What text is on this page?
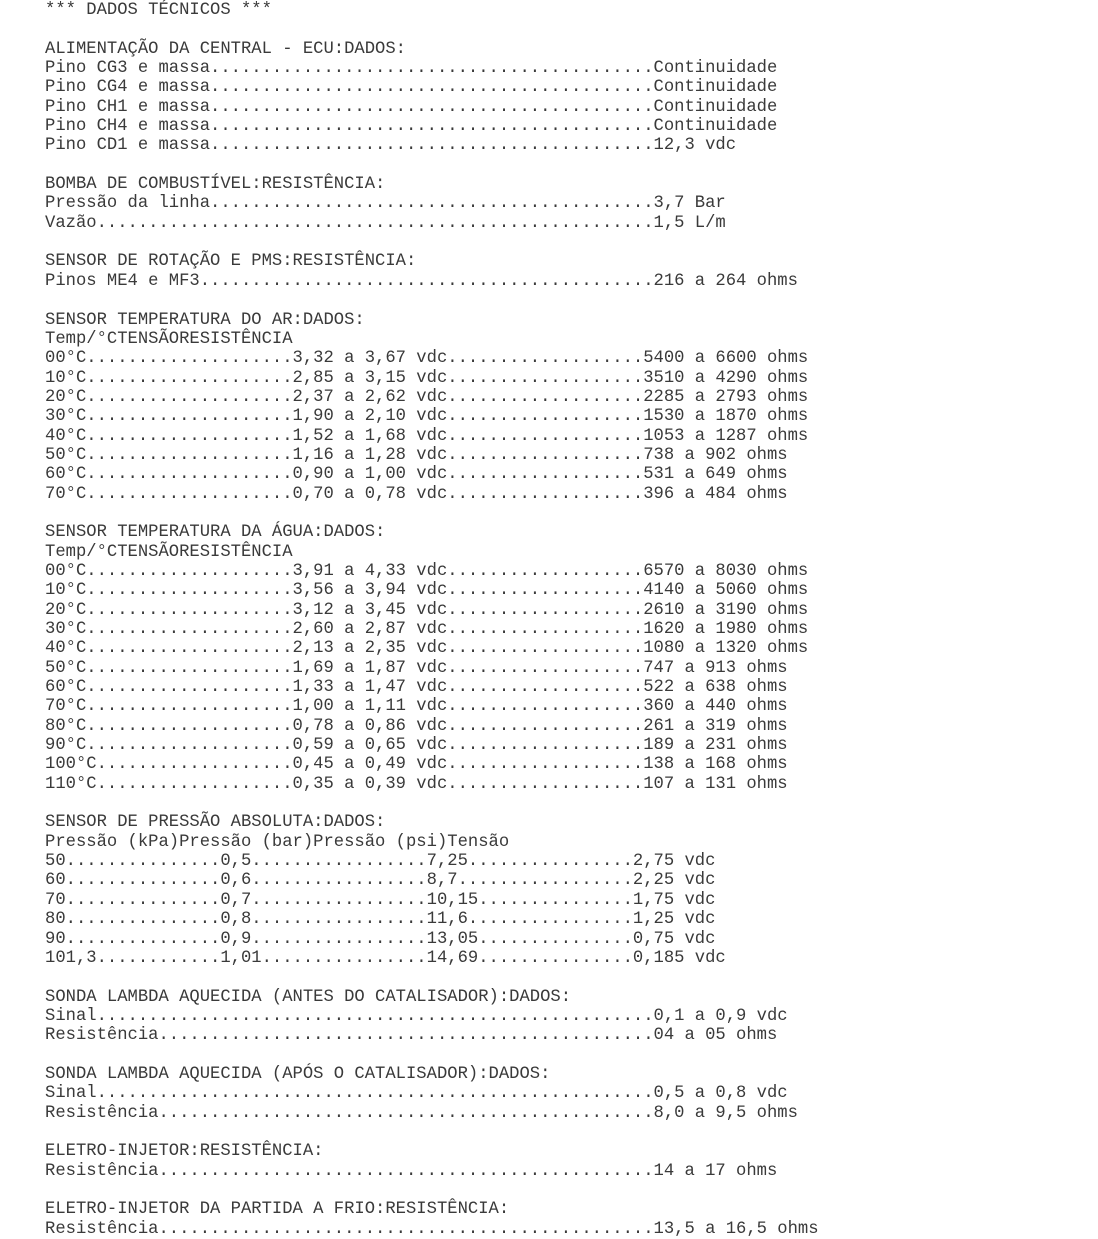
*** DADOS TÉCNICOS ***

ALIMENTAÇÃO DA CENTRAL - ECU:DADOS:
Pino CG3 e massa...........................................Continuidade
Pino CG4 e massa...........................................Continuidade
Pino CH1 e massa...........................................Continuidade
Pino CH4 e massa...........................................Continuidade
Pino CD1 e massa...........................................12,3 vdc

BOMBA DE COMBUSTÍVEL:RESISTÊNCIA:
Pressão da linha...........................................3,7 Bar
Vazão......................................................1,5 L/m

SENSOR DE ROTAÇÃO E PMS:RESISTÊNCIA:
Pinos ME4 e MF3............................................216 a 264 ohms

SENSOR TEMPERATURA DO AR:DADOS:
Temp/°CTENSÃORESISTÊNCIA
00°C....................3,32 a 3,67 vdc...................5400 a 6600 ohms
10°C....................2,85 a 3,15 vdc...................3510 a 4290 ohms
20°C....................2,37 a 2,62 vdc...................2285 a 2793 ohms
30°C....................1,90 a 2,10 vdc...................1530 a 1870 ohms
40°C....................1,52 a 1,68 vdc...................1053 a 1287 ohms
50°C....................1,16 a 1,28 vdc...................738 a 902 ohms
60°C....................0,90 a 1,00 vdc...................531 a 649 ohms
70°C....................0,70 a 0,78 vdc...................396 a 484 ohms

SENSOR TEMPERATURA DA ÁGUA:DADOS:
Temp/°CTENSÃORESISTÊNCIA
00°C....................3,91 a 4,33 vdc...................6570 a 8030 ohms
10°C....................3,56 a 3,94 vdc...................4140 a 5060 ohms
20°C....................3,12 a 3,45 vdc...................2610 a 3190 ohms
30°C....................2,60 a 2,87 vdc...................1620 a 1980 ohms
40°C....................2,13 a 2,35 vdc...................1080 a 1320 ohms
50°C....................1,69 a 1,87 vdc...................747 a 913 ohms
60°C....................1,33 a 1,47 vdc...................522 a 638 ohms
70°C....................1,00 a 1,11 vdc...................360 a 440 ohms
80°C....................0,78 a 0,86 vdc...................261 a 319 ohms
90°C....................0,59 a 0,65 vdc...................189 a 231 ohms
100°C...................0,45 a 0,49 vdc...................138 a 168 ohms
110°C...................0,35 a 0,39 vdc...................107 a 131 ohms

SENSOR DE PRESSÃO ABSOLUTA:DADOS:
Pressão (kPa)Pressão (bar)Pressão (psi)Tensão
50...............0,5.................7,25................2,75 vdc
60...............0,6.................8,7.................2,25 vdc
70...............0,7.................10,15...............1,75 vdc
80...............0,8.................11,6................1,25 vdc
90...............0,9.................13,05...............0,75 vdc
101,3............1,01................14,69...............0,185 vdc

SONDA LAMBDA AQUECIDA (ANTES DO CATALISADOR):DADOS:
Sinal......................................................0,1 a 0,9 vdc
Resistência................................................04 a 05 ohms

SONDA LAMBDA AQUECIDA (APÓS O CATALISADOR):DADOS:
Sinal......................................................0,5 a 0,8 vdc
Resistência................................................8,0 a 9,5 ohms

ELETRO-INJETOR:RESISTÊNCIA:
Resistência................................................14 a 17 ohms

ELETRO-INJETOR DA PARTIDA A FRIO:RESISTÊNCIA:
Resistência................................................13,5 a 16,5 ohms
